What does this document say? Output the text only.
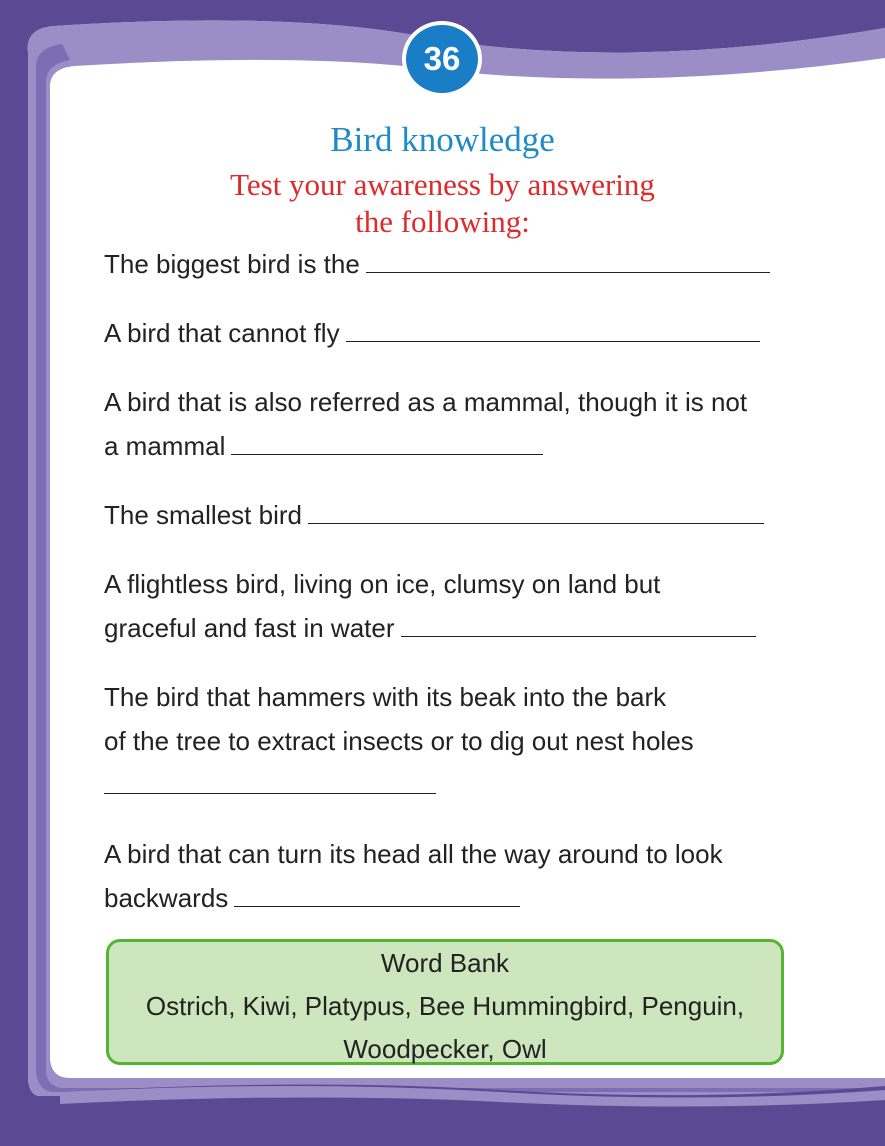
36
Bird knowledge
Test your awareness by answering
the following:
The biggest bird is the
A bird that cannot fly
A bird that is also referred as a mammal, though it is not
a mammal
The smallest bird
A flightless bird, living on ice, clumsy on land but
graceful and fast in water
The bird that hammers with its beak into the bark
of the tree to extract insects or to dig out nest holes
A bird that can turn its head all the way around to look
backwards
Word Bank
Ostrich, Kiwi, Platypus, Bee Hummingbird, Penguin,
Woodpecker, Owl
